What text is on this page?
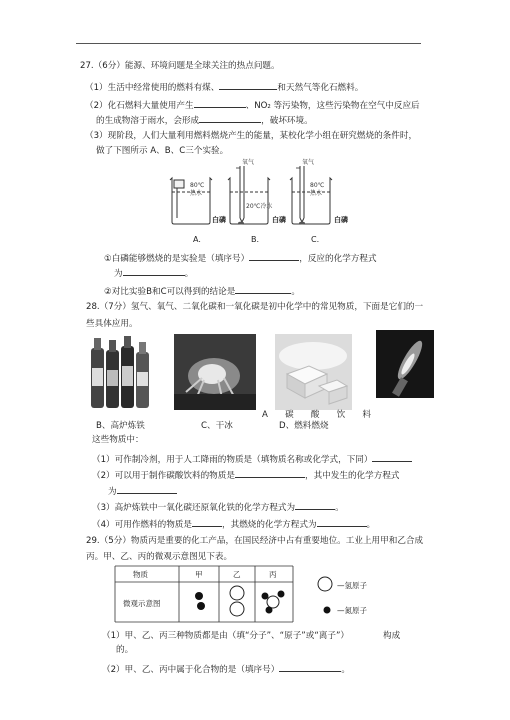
27.（6分）能源、环境问题是全球关注的热点问题。
（1）生活中经常使用的燃料有煤、	和天然气等化石燃料。
（2）化石燃料大量使用产生	、NO₂ 等污染物，这些污染物在空气中反应后
的生成物溶于雨水，会形成	，破坏环境。
（3）现阶段，人们大量利用燃料燃烧产生的能量，某校化学小组在研究燃烧的条件时，
做了下图所示 A、B、C三个实验。
氧气	氧气
80℃
热水
20℃冷水
80℃
热水
白磷	白磷	白磷
A.	B.	C.
①白磷能够燃烧的是实验是（填序号）	，反应的化学方程式
为	。
②对比实验B和C可以得到的结论是	。
28.（7分）氢气、氧气、二氧化碳和一氧化碳是初中化学中的常见物质，下面是它们的一
些具体应用。
A　　碳　　酸　　饮　　料
B、高炉炼铁	C、干冰	D、燃料燃烧
这些物质中：
（1）可作制冷剂，用于人工降雨的物质是（填物质名称或化学式，下同）
（2）可以用于制作碳酸饮料的物质是	，其中发生的化学方程式
为
（3）高炉炼铁中一氧化碳还原氧化铁的化学方程式为	。
（4）可用作燃料的物质是	，其燃烧的化学方程式为	。
29.（5分）物质丙是重要的化工产品，在国民经济中占有重要地位。工业上用甲和乙合成
丙。甲、乙、丙的微观示意图见下表。
物质	甲	乙	丙
微观示意图
—氢原子
—氮原子
（1）甲、乙、丙三种物质都是由（填“分子”、“原子”或“离子”）	构成
的。
（2）甲、乙、丙中属于化合物的是（填序号）	。
